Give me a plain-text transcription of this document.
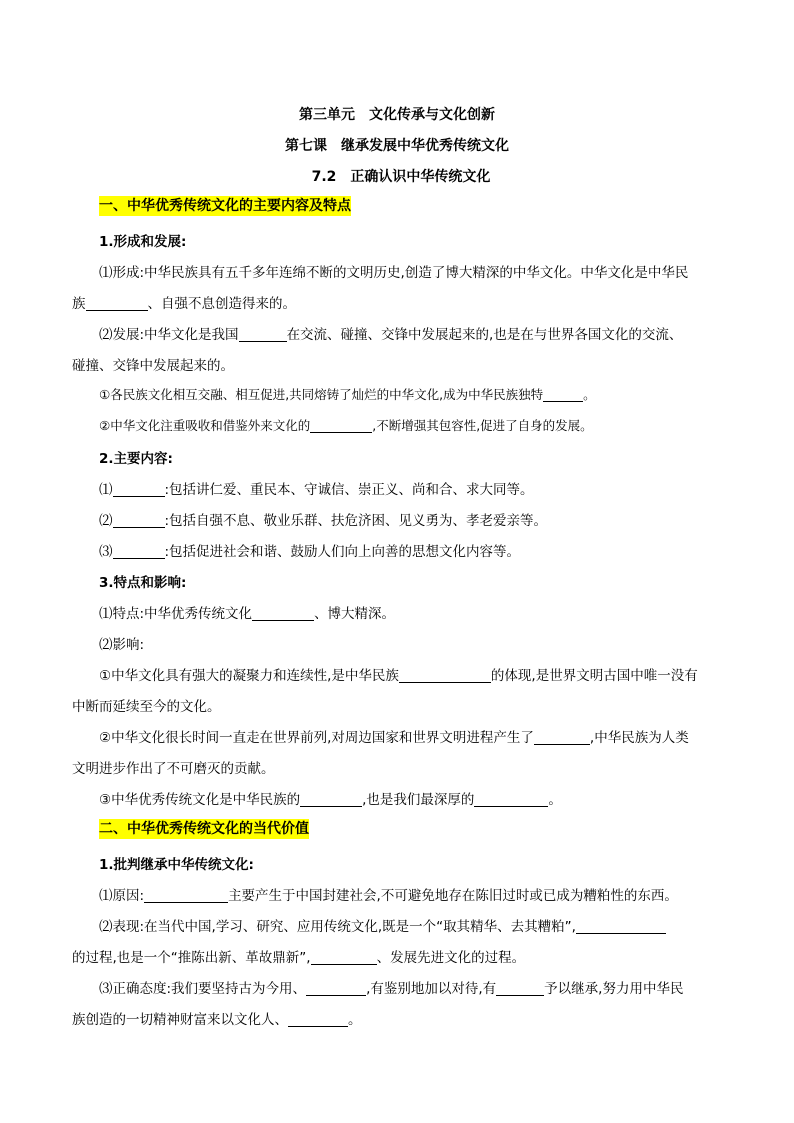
第三单元　文化传承与文化创新
第七课　继承发展中华优秀传统文化
7.2　正确认识中华传统文化
一、中华优秀传统文化的主要内容及特点
1.形成和发展:
⑴形成:中华民族具有五千多年连绵不断的文明历史,创造了博大精深的中华文化。中华文化是中华民
族	、自强不息创造得来的。
⑵发展:中华文化是我国	在交流、碰撞、交锋中发展起来的,也是在与世界各国文化的交流、
碰撞、交锋中发展起来的。
①各民族文化相互交融、相互促进,共同熔铸了灿烂的中华文化,成为中华民族独特	。
②中华文化注重吸收和借鉴外来文化的	,不断增强其包容性,促进了自身的发展。
2.主要内容:
⑴	:包括讲仁爱、重民本、守诚信、崇正义、尚和合、求大同等。
⑵	:包括自强不息、敬业乐群、扶危济困、见义勇为、孝老爱亲等。
⑶	:包括促进社会和谐、鼓励人们向上向善的思想文化内容等。
3.特点和影响:
⑴特点:中华优秀传统文化	、博大精深。
⑵影响:
①中华文化具有强大的凝聚力和连续性,是中华民族	的体现,是世界文明古国中唯一没有
中断而延续至今的文化。
②中华文化很长时间一直走在世界前列,对周边国家和世界文明进程产生了	,中华民族为人类
文明进步作出了不可磨灭的贡献。
③中华优秀传统文化是中华民族的	,也是我们最深厚的	。
二、中华优秀传统文化的当代价值
1.批判继承中华传统文化:
⑴原因:	主要产生于中国封建社会,不可避免地存在陈旧过时或已成为糟粕性的东西。
⑵表现:在当代中国,学习、研究、应用传统文化,既是一个“取其精华、去其糟粕”,
的过程,也是一个“推陈出新、革故鼎新”,	、发展先进文化的过程。
⑶正确态度:我们要坚持古为今用、	,有鉴别地加以对待,有	予以继承,努力用中华民
族创造的一切精神财富来以文化人、	。
